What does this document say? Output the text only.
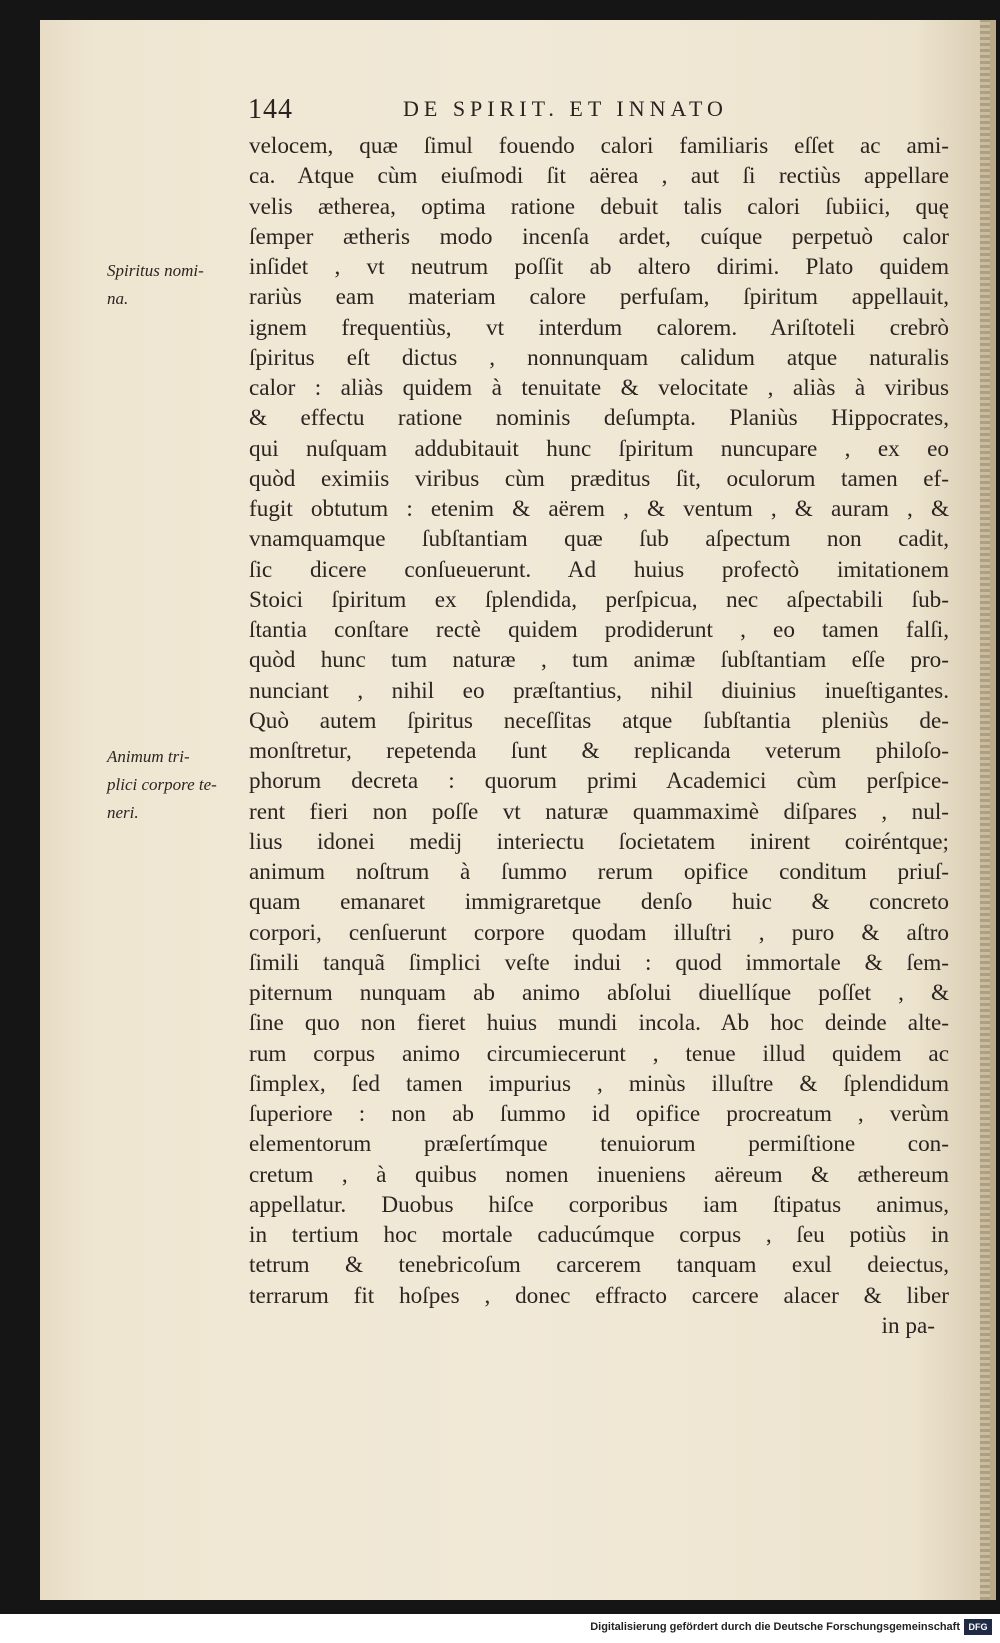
144	DE SPIRIT. ET INNATO
Spiritus nomi-
na.
Animum tri-
plici corpore te-
neri.
velocem, quæ ſimul fouendo calori familiaris eſſet ac ami-
ca. Atque cùm eiuſmodi ſit aërea , aut ſi rectiùs appellare
velis ætherea, optima ratione debuit talis calori ſubiici, quę
ſemper ætheris modo incenſa ardet, cuíque perpetuò calor
inſidet , vt neutrum poſſit ab altero dirimi. Plato quidem
rariùs eam materiam calore perfuſam, ſpiritum appellauit,
ignem frequentiùs, vt interdum calorem. Ariſtoteli crebrò
ſpiritus eſt dictus , nonnunquam calidum atque naturalis
calor : aliàs quidem à tenuitate & velocitate , aliàs à viribus
& effectu ratione nominis deſumpta. Planiùs Hippocrates,
qui nuſquam addubitauit hunc ſpiritum nuncupare , ex eo
quòd eximiis viribus cùm præditus ſit, oculorum tamen ef-
fugit obtutum : etenim & aërem , & ventum , & auram , &
vnamquamque ſubſtantiam quæ ſub aſpectum non cadit,
ſic dicere conſueuerunt. Ad huius profectò imitationem
Stoici ſpiritum ex ſplendida, perſpicua, nec aſpectabili ſub-
ſtantia conſtare rectè quidem prodiderunt , eo tamen falſi,
quòd hunc tum naturæ , tum animæ ſubſtantiam eſſe pro-
nunciant , nihil eo præſtantius, nihil diuinius inueſtigantes.
Quò autem ſpiritus neceſſitas atque ſubſtantia pleniùs de-
monſtretur, repetenda ſunt & replicanda veterum philoſo-
phorum decreta : quorum primi Academici cùm perſpice-
rent fieri non poſſe vt naturæ quammaximè diſpares , nul-
lius idonei medij interiectu ſocietatem inirent coiréntque;
animum noſtrum à ſummo rerum opifice conditum priuſ-
quam emanaret immigraretque denſo huic & concreto
corpori, cenſuerunt corpore quodam illuſtri , puro & aſtro
ſimili tanquã ſimplici veſte indui : quod immortale & ſem-
piternum nunquam ab animo abſolui diuellíque poſſet , &
ſine quo non fieret huius mundi incola. Ab hoc deinde alte-
rum corpus animo circumiecerunt , tenue illud quidem ac
ſimplex, ſed tamen impurius , minùs illuſtre & ſplendidum
ſuperiore : non ab ſummo id opifice procreatum , verùm
elementorum præſertímque tenuiorum permiſtione con-
cretum , à quibus nomen inueniens aëreum & æthereum
appellatur. Duobus hiſce corporibus iam ſtipatus animus,
in tertium hoc mortale caducúmque corpus , ſeu potiùs in
tetrum & tenebricoſum carcerem tanquam exul deiectus,
terrarum fit hoſpes , donec effracto carcere alacer & liber
in pa-
Digitalisierung gefördert durch die Deutsche Forschungsgemeinschaft DFG
